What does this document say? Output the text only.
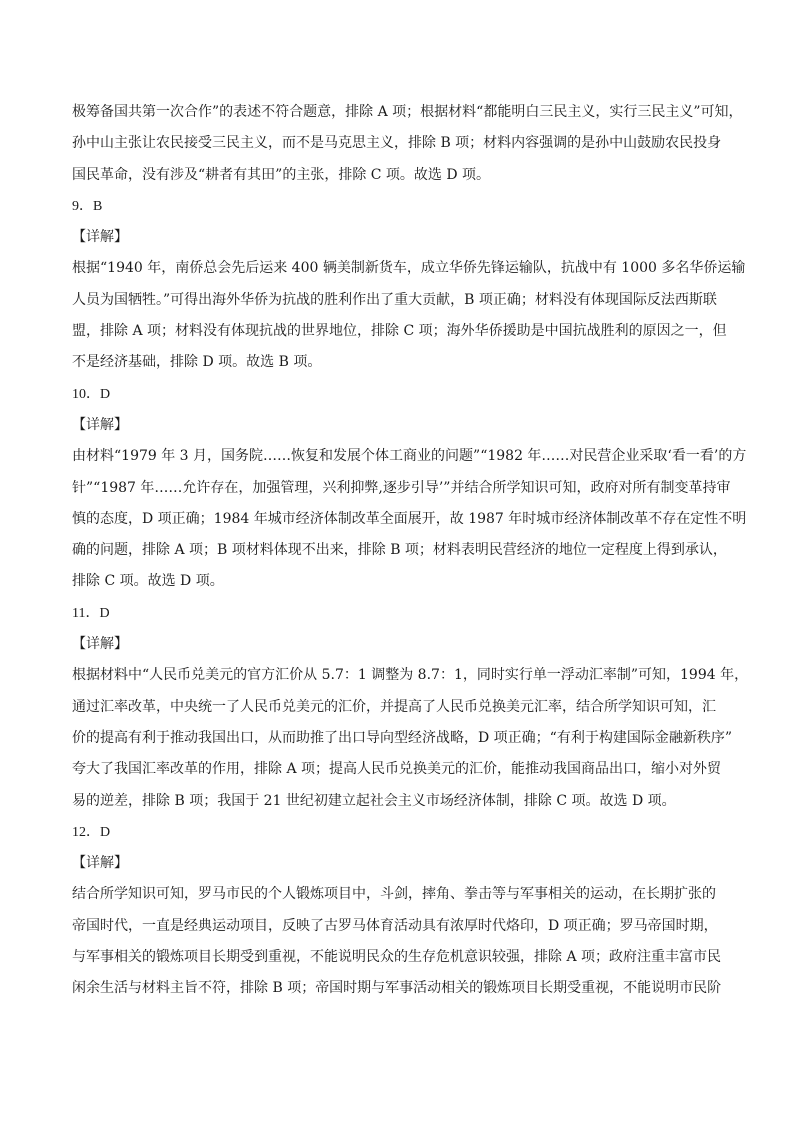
极筹备国共第一次合作”的表述不符合题意，排除 A 项；根据材料“都能明白三民主义，实行三民主义”可知，
孙中山主张让农民接受三民主义，而不是马克思主义，排除 B 项；材料内容强调的是孙中山鼓励农民投身
国民革命，没有涉及“耕者有其田”的主张，排除 C 项。故选 D 项。
9．B
【详解】
根据“1940 年，南侨总会先后运来 400 辆美制新货车，成立华侨先锋运输队，抗战中有 1000 多名华侨运输
人员为国牺牲。”可得出海外华侨为抗战的胜利作出了重大贡献，B 项正确；材料没有体现国际反法西斯联
盟，排除 A 项；材料没有体现抗战的世界地位，排除 C 项；海外华侨援助是中国抗战胜利的原因之一，但
不是经济基础，排除 D 项。故选 B 项。
10．D
【详解】
由材料“1979 年 3 月，国务院……恢复和发展个体工商业的问题”“1982 年……对民营企业采取‘看一看’的方
针”“1987 年……允许存在，加强管理，兴利抑弊,逐步引导’”并结合所学知识可知，政府对所有制变革持审
慎的态度，D 项正确；1984 年城市经济体制改革全面展开，故 1987 年时城市经济体制改革不存在定性不明
确的问题，排除 A 项；B 项材料体现不出来，排除 B 项；材料表明民营经济的地位一定程度上得到承认，
排除 C 项。故选 D 项。
11．D
【详解】
根据材料中“人民币兑美元的官方汇价从 5.7：1 调整为 8.7：1，同时实行单一浮动汇率制”可知，1994 年，
通过汇率改革，中央统一了人民币兑美元的汇价，并提高了人民币兑换美元汇率，结合所学知识可知，汇
价的提高有利于推动我国出口，从而助推了出口导向型经济战略，D 项正确；“有利于构建国际金融新秩序”
夸大了我国汇率改革的作用，排除 A 项；提高人民币兑换美元的汇价，能推动我国商品出口，缩小对外贸
易的逆差，排除 B 项；我国于 21 世纪初建立起社会主义市场经济体制，排除 C 项。故选 D 项。
12．D
【详解】
结合所学知识可知，罗马市民的个人锻炼项目中，斗剑，摔角、拳击等与军事相关的运动，在长期扩张的
帝国时代，一直是经典运动项目，反映了古罗马体育活动具有浓厚时代烙印，D 项正确；罗马帝国时期，
与军事相关的锻炼项目长期受到重视，不能说明民众的生存危机意识较强，排除 A 项；政府注重丰富市民
闲余生活与材料主旨不符，排除 B 项；帝国时期与军事活动相关的锻炼项目长期受重视，不能说明市民阶
